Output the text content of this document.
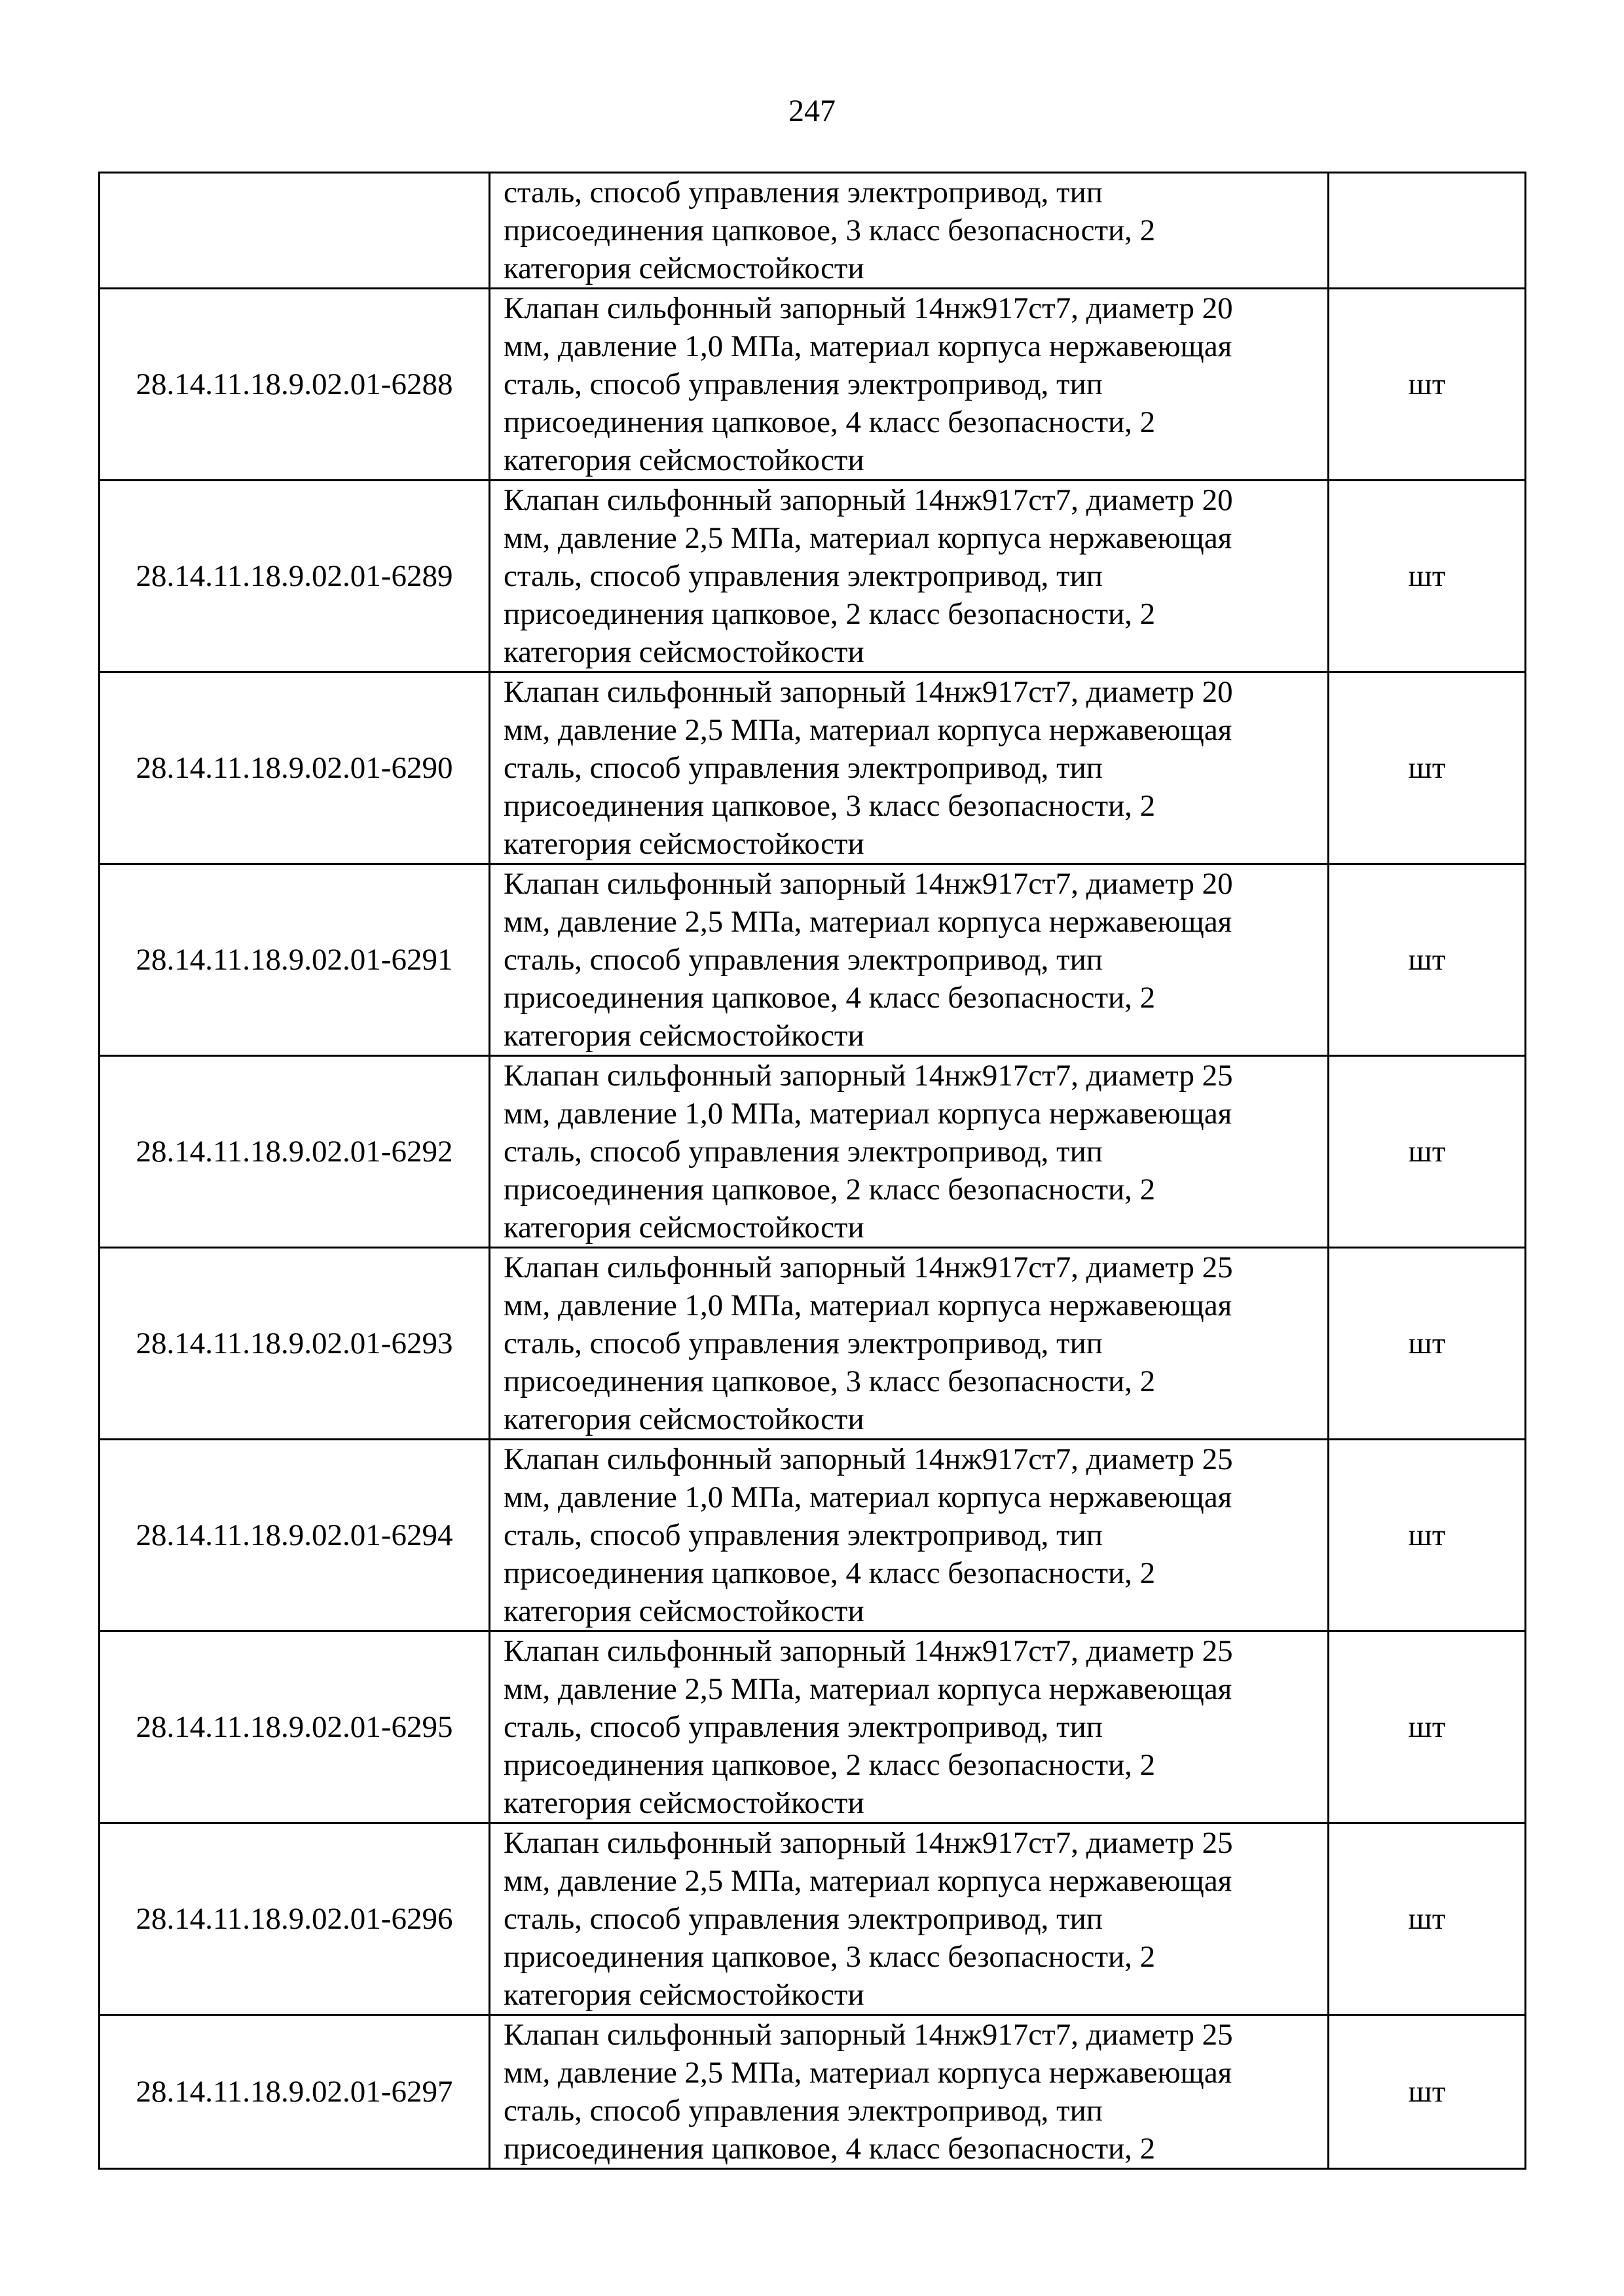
247

	сталь, способ управления электропривод, тип
присоединения цапковое, 3 класс безопасности, 2
категория сейсмостойкости	

28.14.11.18.9.02.01-6288	Клапан сильфонный запорный 14нж917ст7, диаметр 20
мм, давление 1,0 МПа, материал корпуса нержавеющая
сталь, способ управления электропривод, тип
присоединения цапковое, 4 класс безопасности, 2
категория сейсмостойкости	шт
28.14.11.18.9.02.01-6289	Клапан сильфонный запорный 14нж917ст7, диаметр 20
мм, давление 2,5 МПа, материал корпуса нержавеющая
сталь, способ управления электропривод, тип
присоединения цапковое, 2 класс безопасности, 2
категория сейсмостойкости	шт
28.14.11.18.9.02.01-6290	Клапан сильфонный запорный 14нж917ст7, диаметр 20
мм, давление 2,5 МПа, материал корпуса нержавеющая
сталь, способ управления электропривод, тип
присоединения цапковое, 3 класс безопасности, 2
категория сейсмостойкости	шт
28.14.11.18.9.02.01-6291	Клапан сильфонный запорный 14нж917ст7, диаметр 20
мм, давление 2,5 МПа, материал корпуса нержавеющая
сталь, способ управления электропривод, тип
присоединения цапковое, 4 класс безопасности, 2
категория сейсмостойкости	шт
28.14.11.18.9.02.01-6292	Клапан сильфонный запорный 14нж917ст7, диаметр 25
мм, давление 1,0 МПа, материал корпуса нержавеющая
сталь, способ управления электропривод, тип
присоединения цапковое, 2 класс безопасности, 2
категория сейсмостойкости	шт
28.14.11.18.9.02.01-6293	Клапан сильфонный запорный 14нж917ст7, диаметр 25
мм, давление 1,0 МПа, материал корпуса нержавеющая
сталь, способ управления электропривод, тип
присоединения цапковое, 3 класс безопасности, 2
категория сейсмостойкости	шт
28.14.11.18.9.02.01-6294	Клапан сильфонный запорный 14нж917ст7, диаметр 25
мм, давление 1,0 МПа, материал корпуса нержавеющая
сталь, способ управления электропривод, тип
присоединения цапковое, 4 класс безопасности, 2
категория сейсмостойкости	шт
28.14.11.18.9.02.01-6295	Клапан сильфонный запорный 14нж917ст7, диаметр 25
мм, давление 2,5 МПа, материал корпуса нержавеющая
сталь, способ управления электропривод, тип
присоединения цапковое, 2 класс безопасности, 2
категория сейсмостойкости	шт
28.14.11.18.9.02.01-6296	Клапан сильфонный запорный 14нж917ст7, диаметр 25
мм, давление 2,5 МПа, материал корпуса нержавеющая
сталь, способ управления электропривод, тип
присоединения цапковое, 3 класс безопасности, 2
категория сейсмостойкости	шт
28.14.11.18.9.02.01-6297	Клапан сильфонный запорный 14нж917ст7, диаметр 25
мм, давление 2,5 МПа, материал корпуса нержавеющая
сталь, способ управления электропривод, тип
присоединения цапковое, 4 класс безопасности, 2	шт
